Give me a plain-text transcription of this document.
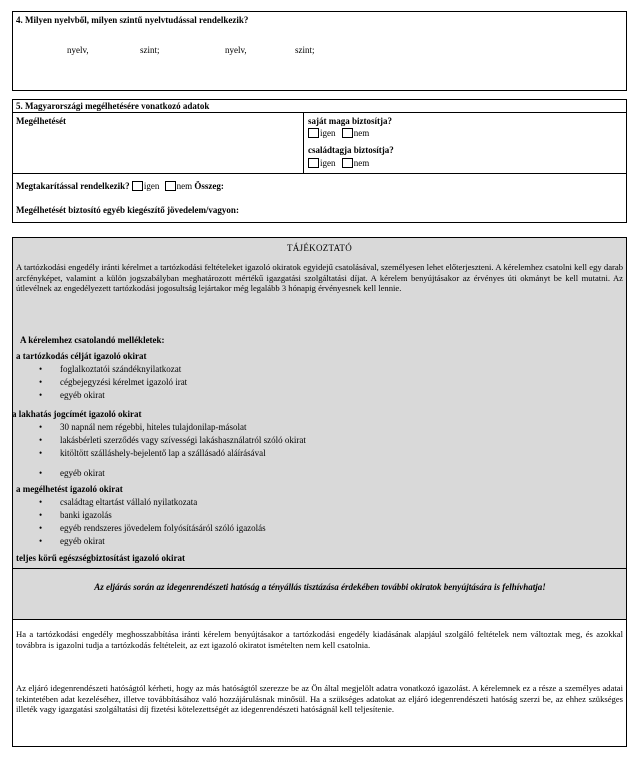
4. Milyen nyelvből, milyen szintű nyelvtudással rendelkezik?
nyelv,	szint;	nyelv,	szint;
5. Magyarországi megélhetésére vonatkozó adatok
Megélhetését	saját maga biztosítja?
igen nem
családtagja biztosítja?
igen nem
Megtakarítással rendelkezik? igen nem Összeg:
Megélhetését biztosító egyéb kiegészítő jövedelem/vagyon:
TÁJÉKOZTATÓ

A tartózkodási engedély iránti kérelmet a tartózkodási feltételeket igazoló okiratok egyidejű csatolásával, személyesen lehet előterjeszteni. A kérelemhez csatolni kell egy darab arcfényképet, valamint a külön jogszabályban meghatározott mértékű igazgatási szolgáltatási díjat. A kérelem benyújtásakor az érvényes úti okmányt be kell mutatni. Az útlevélnek az engedélyezett tartózkodási jogosultság lejártakor még legalább 3 hónapig érvényesnek kell lennie.

A kérelemhez csatolandó mellékletek:
a tartózkodás célját igazoló okirat
• foglalkoztatói szándéknyilatkozat
• cégbejegyzési kérelmet igazoló irat
• egyéb okirat
a lakhatás jogcímét igazoló okirat
• 30 napnál nem régebbi, hiteles tulajdonilap-másolat
• lakásbérleti szerződés vagy szívességi lakáshasználatról szóló okirat
• kitöltött szálláshely-bejelentő lap a szállásadó aláírásával
• egyéb okirat
a megélhetést igazoló okirat
• családtag eltartást vállaló nyilatkozata
• banki igazolás
• egyéb rendszeres jövedelem folyósításáról szóló igazolás
• egyéb okirat
teljes körű egészségbiztosítást igazoló okirat
Az eljárás során az idegenrendészeti hatóság a tényállás tisztázása érdekében további okiratok benyújtására is felhívhatja!

Ha a tartózkodási engedély meghosszabbítása iránti kérelem benyújtásakor a tartózkodási engedély kiadásának alapjául szolgáló feltételek nem változtak meg, és azokkal továbbra is igazolni tudja a tartózkodás feltételeit, az ezt igazoló okiratot ismételten nem kell csatolnia.

Az eljáró idegenrendészeti hatóságtól kérheti, hogy az más hatóságtól szerezze be az Ön által megjelölt adatra vonatkozó igazolást. A kérelemnek ez a része a személyes adatai tekintetében adat kezeléséhez, illetve továbbításához való hozzájárulásnak minősül. Ha a szükséges adatokat az eljáró idegenrendészeti hatóság szerzi be, az ehhez szükséges illeték vagy igazgatási szolgáltatási díj fizetési kötelezettségét az idegenrendészeti hatóságnál kell teljesítenie.
